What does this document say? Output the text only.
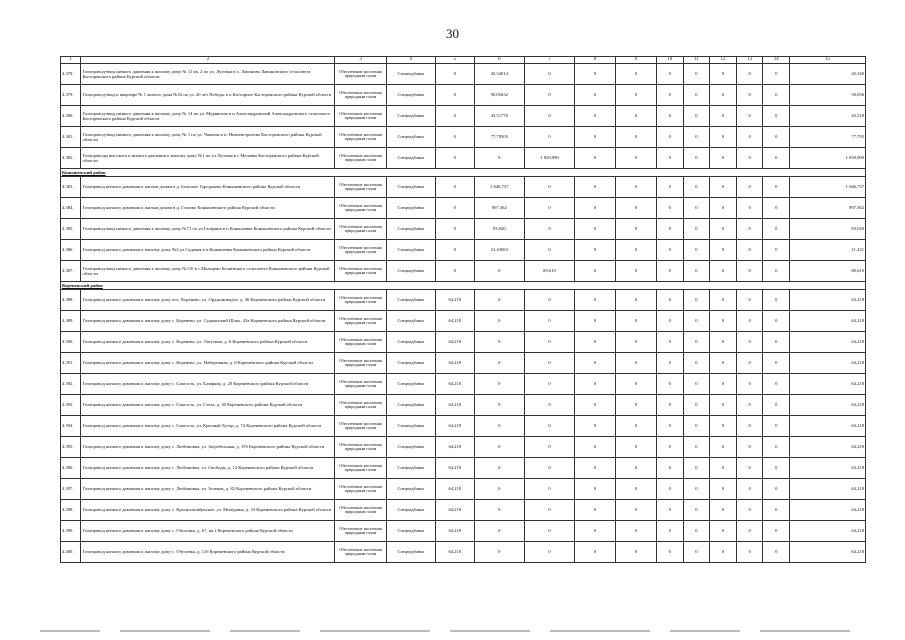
30
1	2	3	4	5	6	7	8	9	10	11	12	13	14	15
4.378.	Газопровод-ввод низкого давления к жилому дому № 11 кв. 2 по ул. Луговая в п. Лачиново Лачиновского сельсовета Касторенского района Курской области	Обеспечение населения природным газом	Спецнадбавка	0	45,34014	0	0	0	0	0	0	0	0	45,340
4.379.	Газопровод-ввод к квартире № 1 жилого дома №52 по ул. 20 лет Победы в п.Касторное Касторенского района Курской области	Обеспечение населения природным газом	Спецнадбавка	0	50,05632	0	0	0	0	0	0	0	0	50,056
4.380.	Газопровод-ввод низкого давления к жилому дому № 14 по ул. Мурянская в п.Александровский Александровского сельсовета Касторенского района Курской области	Обеспечение населения природным газом	Спецнадбавка	0	43,51770	0	0	0	0	0	0	0	0	43,518
4.381.	Газопровод-ввод низкого давления к жилому дому № 1 по ул. Чапаева в п. Новоевстратово Касторенского района Курской области	Обеспечение населения природным газом	Спецнадбавка	0	77,79503	0	0	0	0	0	0	0	0	77,795
4.382.	Газопроводы высокого и низкого давления к жилому дому №1 по ул.Луговая в с.Мелавка Касторенского района Курской области	Обеспечение населения природным газом	Спецнадбавка	0	0	1 839,090	0	0	0	0	0	0	0	1 839,090
Конышевский район														
4.383.	Газопровод низкого давления к жилым домам в д. Большое Городьково Конышевского района Курской области	Обеспечение населения природным газом	Спецнадбавка	0	1 646,737	0	0	0	0	0	0	0	0	1 646,737
4.384.	Газопровод низкого давления к жилым домам в д. Глазово Конышевского района Курской области	Обеспечение населения природным газом	Спецнадбавка	0	897,362	0	0	0	0	0	0	0	0	897,362
4.385.	Газопровод-ввод низкого давления к жилому дому №71 по ул.Гагарина в п.Конышевка Конышевского района Курской области	Обеспечение населения природным газом	Спецнадбавка	0	83,020	0	0	0	0	0	0	0	0	83,020
4.386.	Газопровод низкого давления к жилому дому №2 ул.Садовая в п.Конышевка Конышевского района Курской области	Обеспечение населения природным газом	Спецнадбавка	0	21,43063	0	0	0	0	0	0	0	0	21,431
4.387.	Газопровод-ввод низкого давления к жилому дому №110 в с.Мальцево Беляевского сельсовета Конышевского района Курской области	Обеспечение населения природным газом	Спецнадбавка	0	0	80,610	0	0	0	0	0	0	0	80,610
Кореневский район														
4.388.	Газопровод низкого давления к жилому дому пос. Коренево, ул. Орджоникидзе, д. 46 Кореневского района Курской области	Обеспечение населения природным газом	Спецнадбавка	64,218	0	0	0	0	0	0	0	0	0	64,218
4.389.	Газопровод низкого давления к жилому дому с. Коренево, ул. Суджанский Шлях, 43а Кореневского района Курской области	Обеспечение населения природным газом	Спецнадбавка	64,218	0	0	0	0	0	0	0	0	0	64,218
4.390.	Газопровод низкого давления к жилому дому с. Коренево, ул. Лагутина, д. 6 Кореневского района Курской области	Обеспечение населения природным газом	Спецнадбавка	64,218	0	0	0	0	0	0	0	0	0	64,218
4.391.	Газопровод низкого давления к жилому дому с. Коренево, ул. Набережная, д. 8 Кореневского района Курской области	Обеспечение населения природным газом	Спецнадбавка	64,218	0	0	0	0	0	0	0	0	0	64,218
4.392.	Газопровод низкого давления к жилому дому с. Снагость, ул. Базарная, д. 20 Кореневского района Курской области	Обеспечение населения природным газом	Спецнадбавка	64,218	0	0	0	0	0	0	0	0	0	64,218
4.393.	Газопровод низкого давления к жилому дому с. Снагость, ул. Стеха, д. 30 Кореневского района Курской области	Обеспечение населения природным газом	Спецнадбавка	64,218	0	0	0	0	0	0	0	0	0	64,218
4.394.	Газопровод низкого давления к жилому дому с. Снагость, ул. Красный Хутор, д. 74 Кореневского района Курской области	Обеспечение населения природным газом	Спецнадбавка	64,218	0	0	0	0	0	0	0	0	0	64,218
4.395.	Газопровод низкого давления к жилому дому с. Любимовка, ул. Загребельная, д. 195 Кореневского района Курской области	Обеспечение населения природным газом	Спецнадбавка	64,218	0	0	0	0	0	0	0	0	0	64,218
4.396.	Газопровод низкого давления к жилому дому с. Любимовка, ул. Свободы, д. 12 Кореневского района Курской области	Обеспечение населения природным газом	Спецнадбавка	64,218	0	0	0	0	0	0	0	0	0	64,218
4.397.	Газопровод низкого давления к жилому дому с. Любимовка, ул. Зеленая, д. 82 Кореневского района Курской области	Обеспечение населения природным газом	Спецнадбавка	64,218	0	0	0	0	0	0	0	0	0	64,218
4.398.	Газопровод низкого давления к жилому дому с. Краснооктябрьское, ул. Мичурина, д. 33 Кореневского района Курской области	Обеспечение населения природным газом	Спецнадбавка	64,218	0	0	0	0	0	0	0	0	0	64,218
4.399.	Газопровод низкого давления к жилому дому с. Обуховка, д. 67, кв.2 Кореневского района Курской области	Обеспечение населения природным газом	Спецнадбавка	64,218	0	0	0	0	0	0	0	0	0	64,218
4.400.	Газопровод низкого давления к жилому дому с. Обуховка, д. 116 Кореневского района Курской области	Обеспечение населения природным газом	Спецнадбавка	64,218	0	0	0	0	0	0	0	0	0	64,218
